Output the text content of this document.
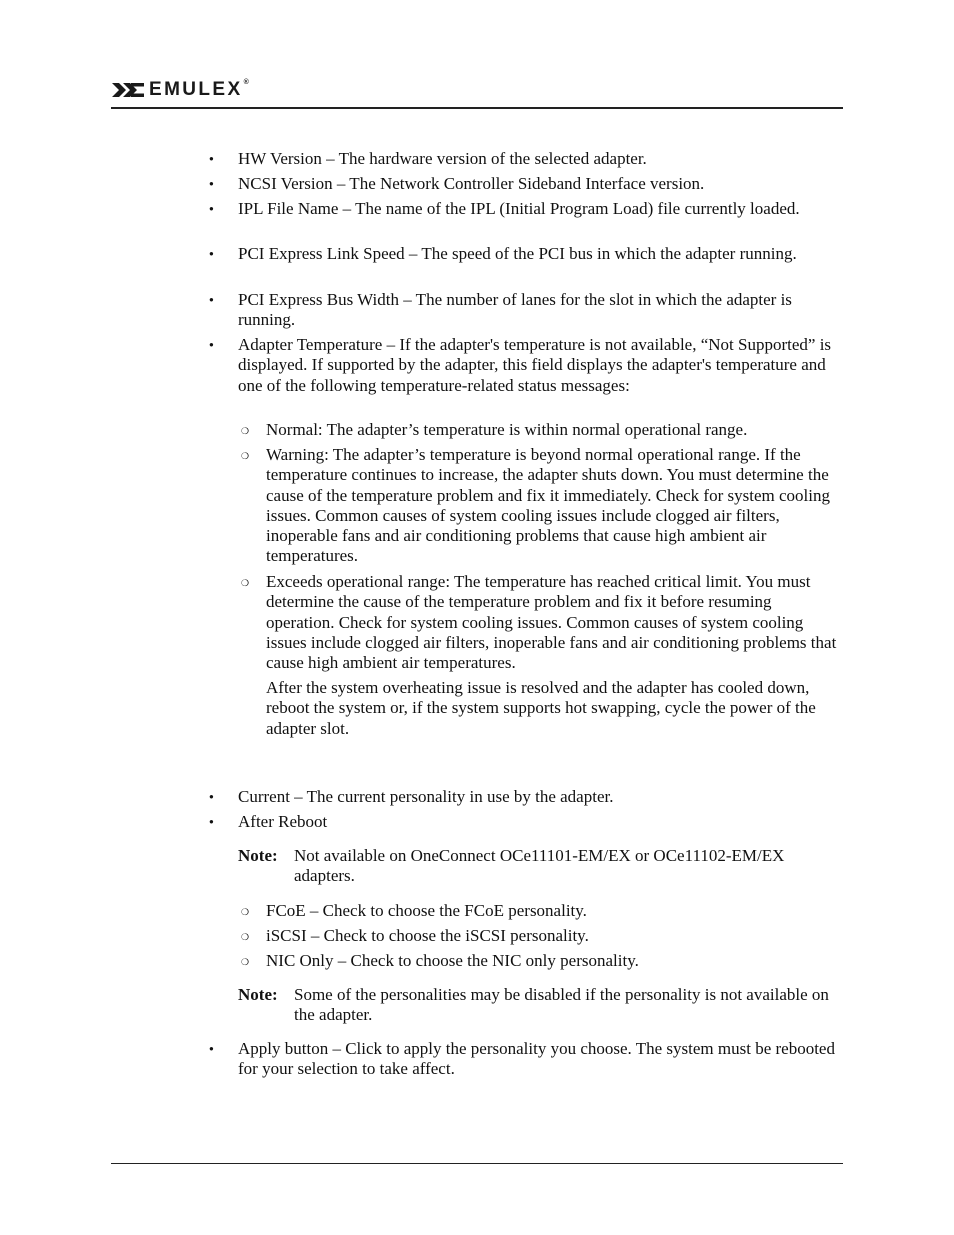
EMULEX®
● HW Version – The hardware version of the selected adapter.
● NCSI Version – The Network Controller Sideband Interface version.
● IPL File Name – The name of the IPL (Initial Program Load) file currently loaded.
● PCI Express Link Speed – The speed of the PCI bus in which the adapter running.
● PCI Express Bus Width – The number of lanes for the slot in which the adapter is running.
● Adapter Temperature – If the adapter's temperature is not available, “Not Supported” is displayed. If supported by the adapter, this field displays the adapter's temperature and one of the following temperature-related status messages:
❍ Normal: The adapter’s temperature is within normal operational range.
❍ Warning: The adapter’s temperature is beyond normal operational range. If the temperature continues to increase, the adapter shuts down. You must determine the cause of the temperature problem and fix it immediately. Check for system cooling issues. Common causes of system cooling issues include clogged air filters, inoperable fans and air conditioning problems that cause high ambient air temperatures.
❍ Exceeds operational range: The temperature has reached critical limit. You must determine the cause of the temperature problem and fix it before resuming operation. Check for system cooling issues. Common causes of system cooling issues include clogged air filters, inoperable fans and air conditioning problems that cause high ambient air temperatures.
After the system overheating issue is resolved and the adapter has cooled down, reboot the system or, if the system supports hot swapping, cycle the power of the adapter slot.
● Current – The current personality in use by the adapter.
● After Reboot
Note: Not available on OneConnect OCe11101-EM/EX or OCe11102-EM/EX adapters.
❍ FCoE – Check to choose the FCoE personality.
❍ iSCSI – Check to choose the iSCSI personality.
❍ NIC Only – Check to choose the NIC only personality.
Note: Some of the personalities may be disabled if the personality is not available on the adapter.
● Apply button – Click to apply the personality you choose. The system must be rebooted for your selection to take affect.
